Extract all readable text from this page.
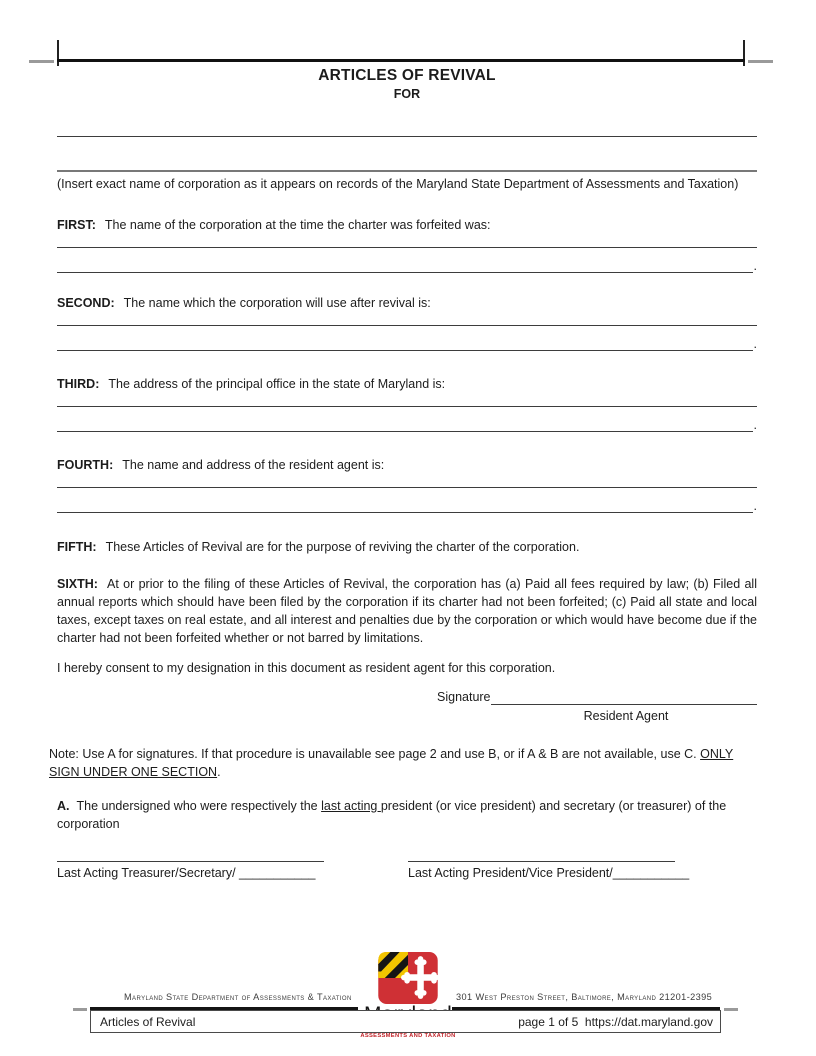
ARTICLES OF REVIVAL

FOR

(Insert exact name of corporation as it appears on records of the Maryland State Department of Assessments and Taxation)

FIRST: The name of the corporation at the time the charter was forfeited was:

.

SECOND: The name which the corporation will use after revival is:

.

THIRD: The address of the principal office in the state of Maryland is:

.

FOURTH: The name and address of the resident agent is:

.

FIFTH: These Articles of Revival are for the purpose of reviving the charter of the corporation.

SIXTH: At or prior to the filing of these Articles of Revival, the corporation has (a) Paid all fees required by law; (b) Filed all annual reports which should have been filed by the corporation if its charter had not been forfeited; (c) Paid all state and local taxes, except taxes on real estate, and all interest and penalties due by the corporation or which would have become due if the charter had not been forfeited whether or not barred by limitations.

I hereby consent to my designation in this document as resident agent for this corporation.

Signature

Resident Agent

Note: Use A for signatures. If that procedure is unavailable see page 2 and use B, or if A & B are not available, use C. ONLY SIGN UNDER ONE SECTION.

A. The undersigned who were respectively the last acting president (or vice president) and secretary (or treasurer) of the corporation

Last Acting Treasurer/Secretary/ ___________	Last Acting President/Vice President/___________

Maryland State Department of Assessments & Taxation	301 West Preston Street, Baltimore, Maryland 21201-2395
ASSESSMENTS AND TAXATION
Articles of Revival	page 1 of 5  https://dat.maryland.gov
